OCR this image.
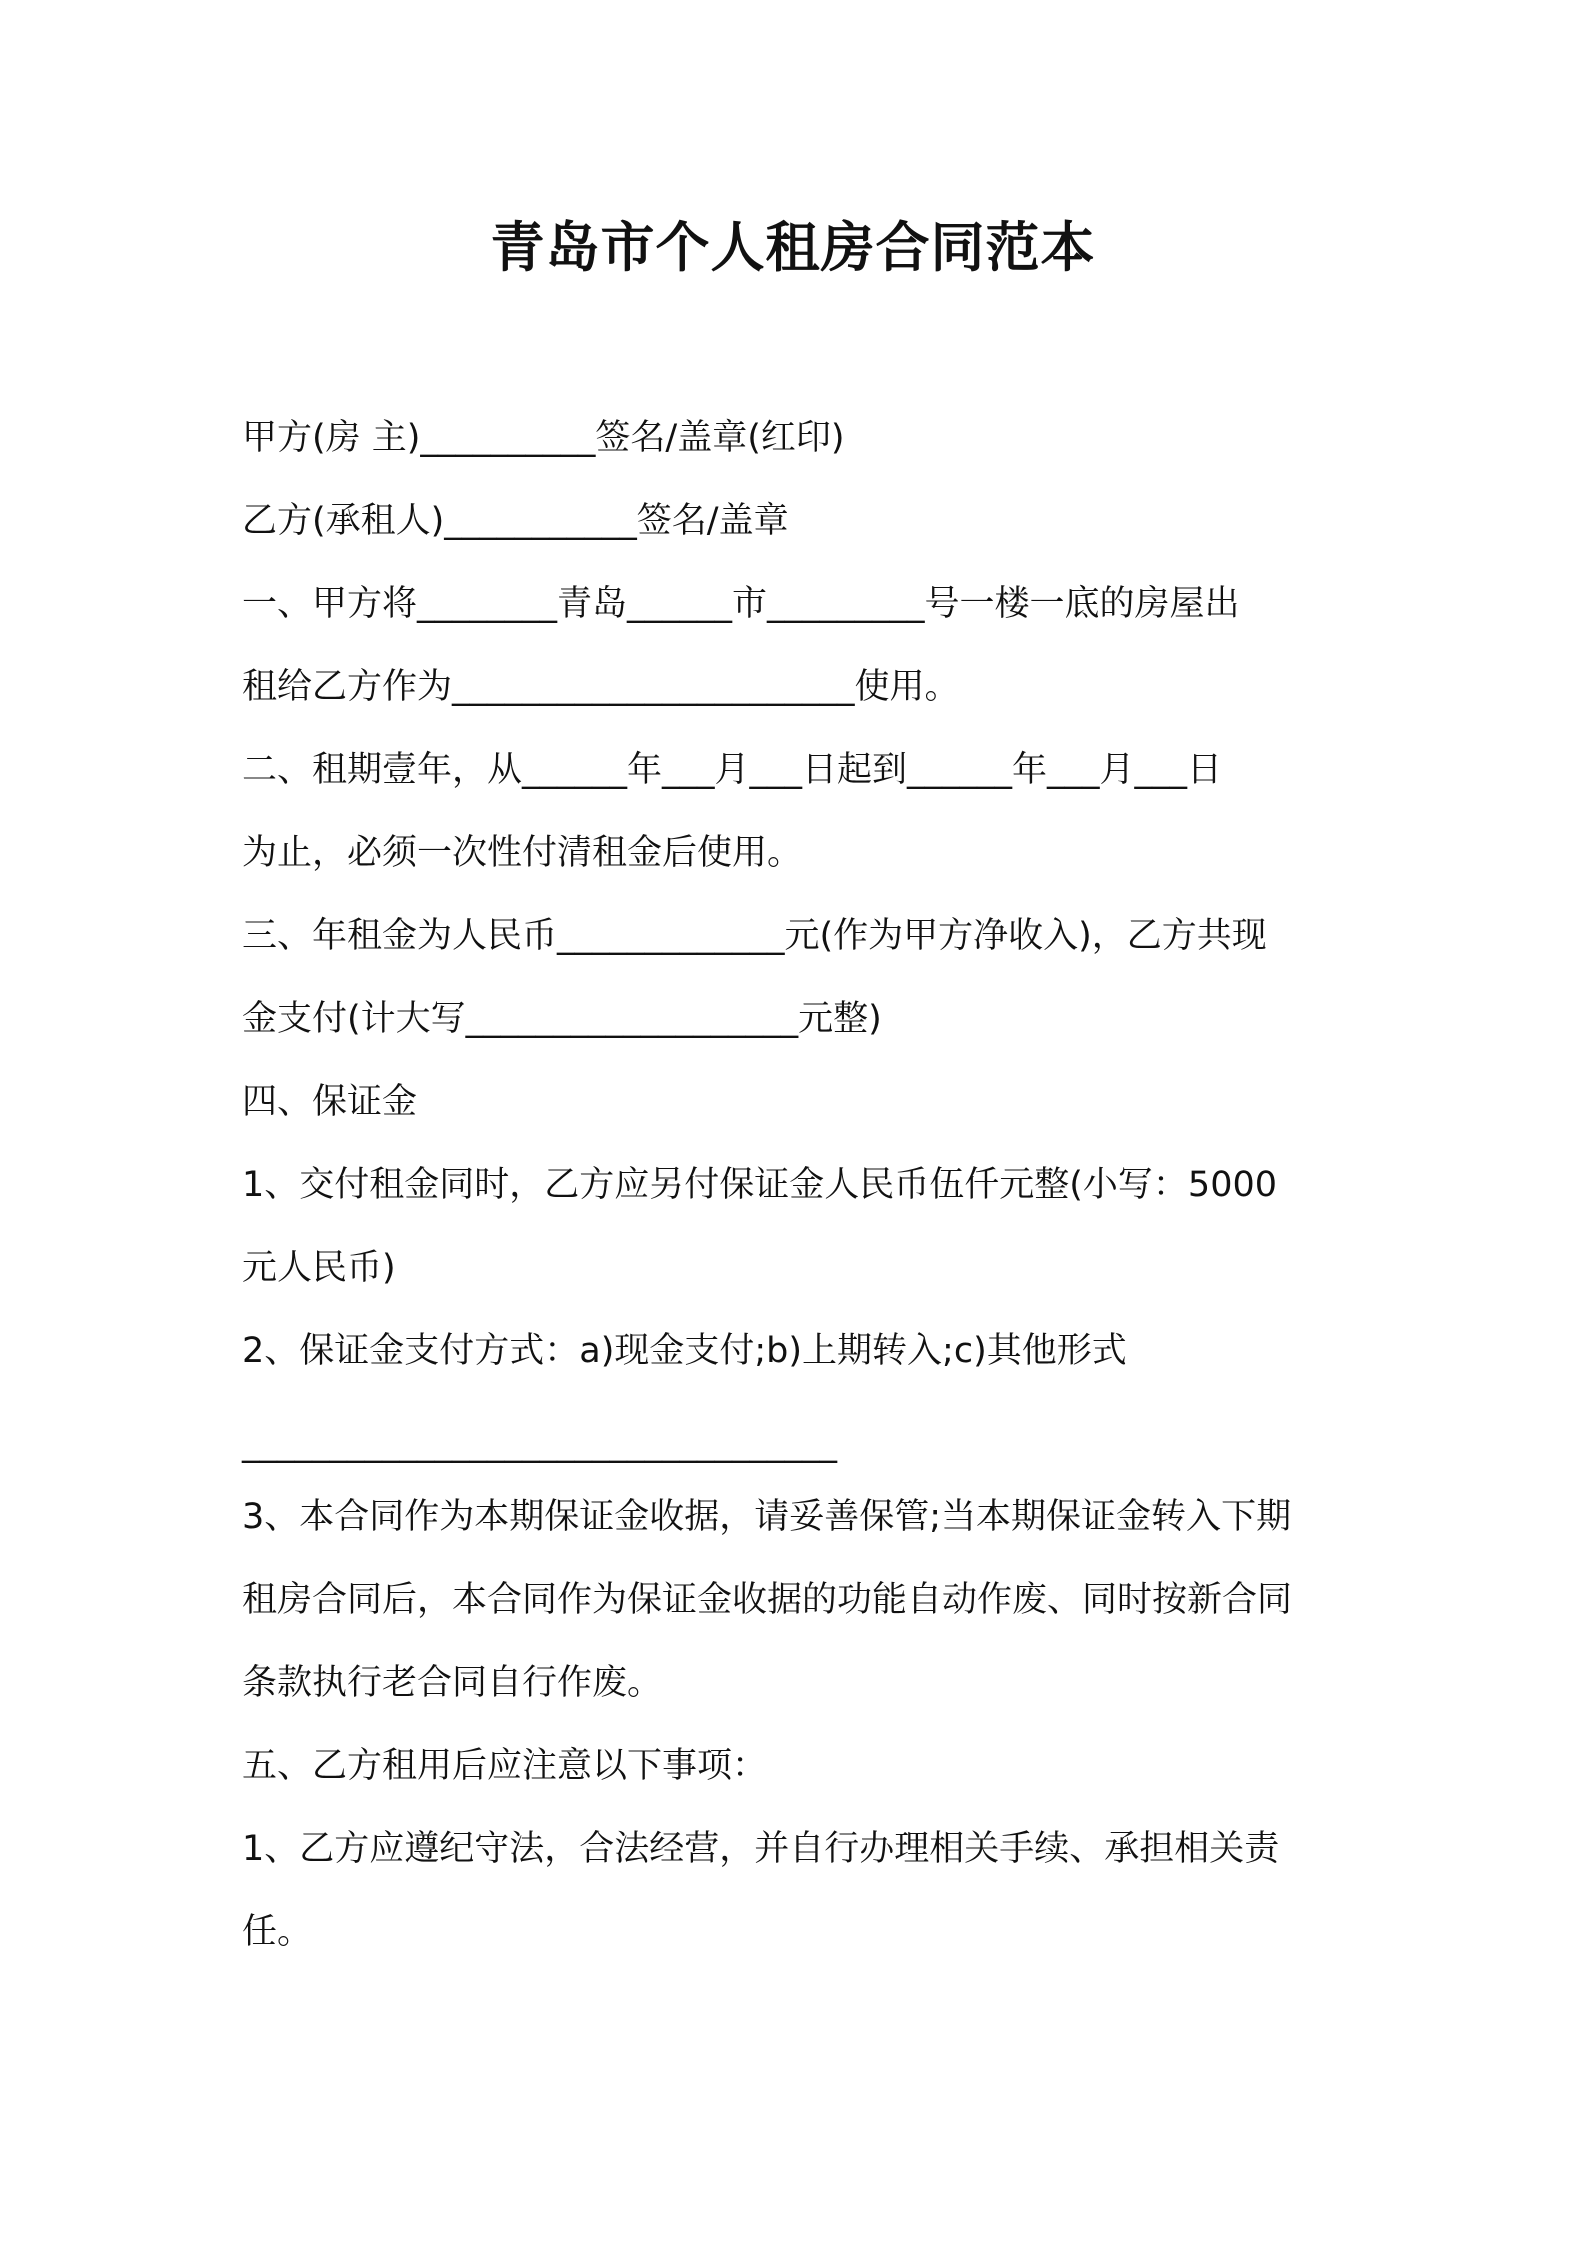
青岛市个人租房合同范本
甲方(房 主)__________签名/盖章(红印)
乙方(承租人)___________签名/盖章
一、甲方将________青岛______市_________号一楼一底的房屋出
租给乙方作为_______________________使用。
二、租期壹年，从______年___月___日起到______年___月___日
为止，必须一次性付清租金后使用。
三、年租金为人民币_____________元(作为甲方净收入)，乙方共现
金支付(计大写___________________元整)
四、保证金
1、交付租金同时，乙方应另付保证金人民币伍仟元整(小写：5000
元人民币)
2、保证金支付方式：a)现金支付;b)上期转入;c)其他形式
__________________________________
3、本合同作为本期保证金收据，请妥善保管;当本期保证金转入下期
租房合同后，本合同作为保证金收据的功能自动作废、同时按新合同
条款执行老合同自行作废。
五、乙方租用后应注意以下事项：
1、乙方应遵纪守法，合法经营，并自行办理相关手续、承担相关责
任。
